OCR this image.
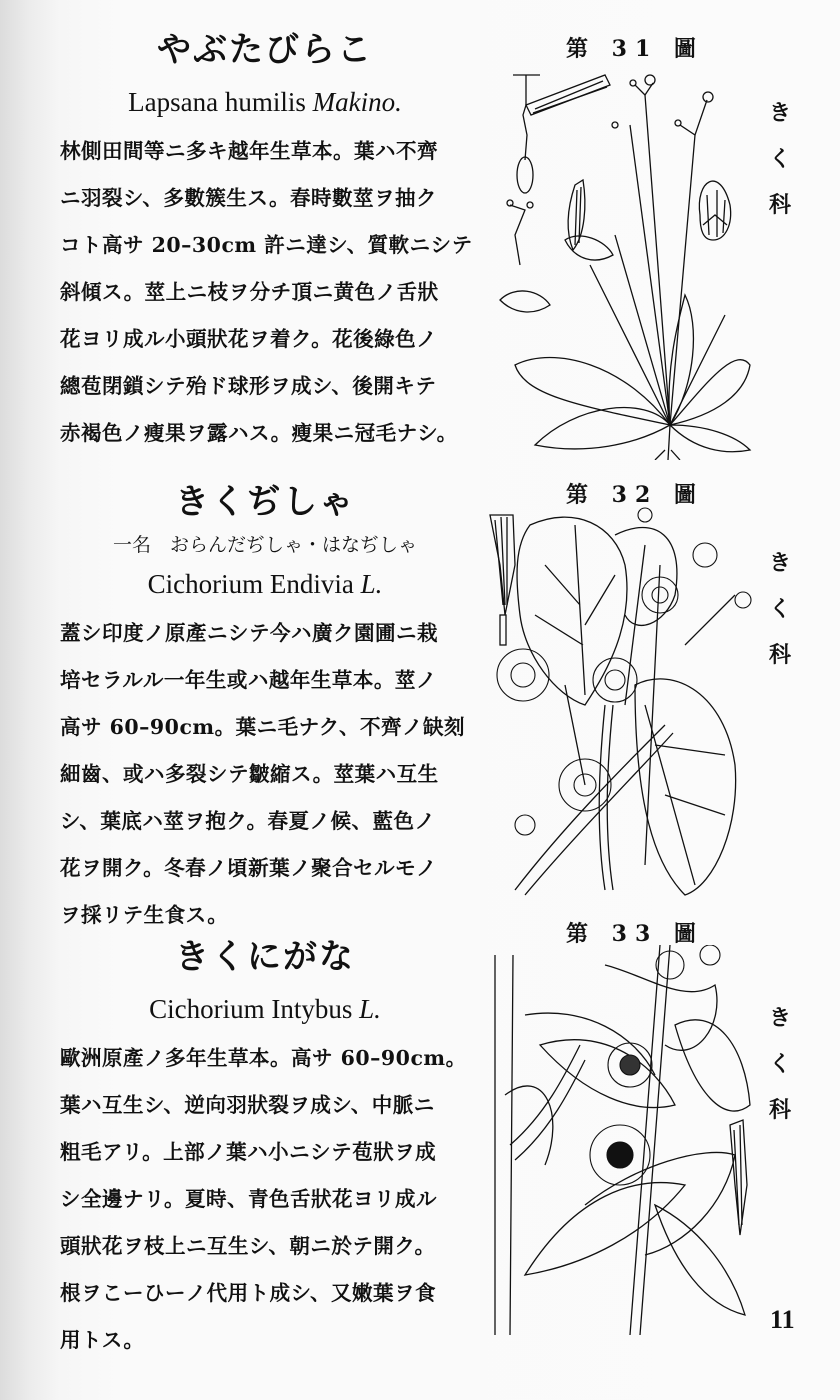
やぶたびらこ
Lapsana humilis Makino.
林側田間等ニ多キ越年生草本。葉ハ不齊
ニ羽裂シ、多數簇生ス。春時數莖ヲ抽ク
コト高サ 20–30cm 許ニ達シ、質軟ニシテ
斜傾ス。莖上ニ枝ヲ分チ頂ニ黄色ノ舌狀
花ヨリ成ル小頭狀花ヲ着ク。花後綠色ノ
總苞閉鎖シテ殆ド球形ヲ成シ、後開キテ
赤褐色ノ瘦果ヲ露ハス。瘦果ニ冠毛ナシ。
第 31 圖
き
く
科
きくぢしゃ
一名　おらんだぢしゃ・はなぢしゃ
Cichorium Endivia L.
蓋シ印度ノ原產ニシテ今ハ廣ク園圃ニ栽
培セラルル一年生或ハ越年生草本。莖ノ
高サ 60–90cm。葉ニ毛ナク、不齊ノ缺刻
細齒、或ハ多裂シテ皺縮ス。莖葉ハ互生
シ、葉底ハ莖ヲ抱ク。春夏ノ候、藍色ノ
花ヲ開ク。冬春ノ頃新葉ノ聚合セルモノ
ヲ採リテ生食ス。
第 32 圖
き
く
科
きくにがな
Cichorium Intybus L.
歐洲原產ノ多年生草本。高サ 60–90cm。
葉ハ互生シ、逆向羽狀裂ヲ成シ、中脈ニ
粗毛アリ。上部ノ葉ハ小ニシテ苞狀ヲ成
シ全邊ナリ。夏時、青色舌狀花ヨリ成ル
頭狀花ヲ枝上ニ互生シ、朝ニ於テ開ク。
根ヲこーひーノ代用ト成シ、又嫩葉ヲ食
用トス。
第 33 圖
き
く
科
11
